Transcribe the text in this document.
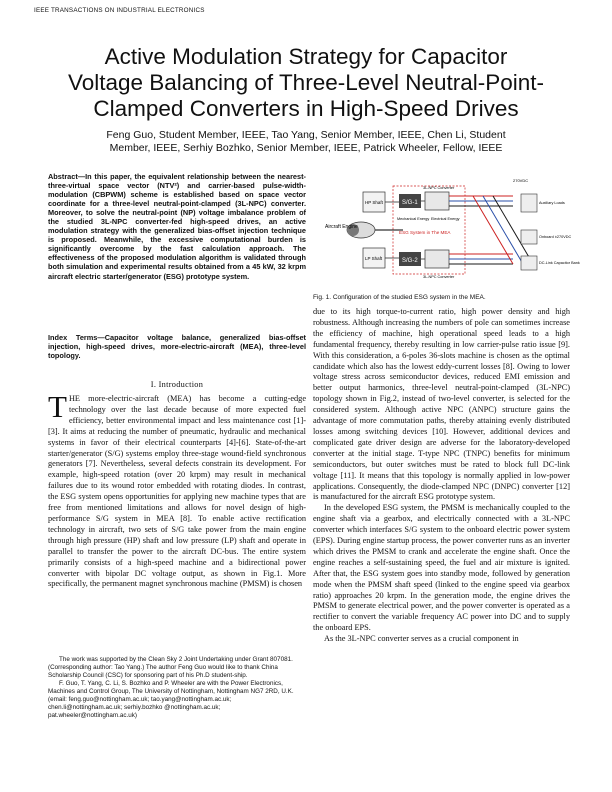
IEEE TRANSACTIONS ON INDUSTRIAL ELECTRONICS
Active Modulation Strategy for Capacitor
Voltage Balancing of Three-Level Neutral-Point-
Clamped Converters in High-Speed Drives
Feng Guo, Student Member, IEEE, Tao Yang, Senior Member, IEEE, Chen Li, Student
Member, IEEE, Serhiy Bozhko, Senior Member, IEEE, Patrick Wheeler, Fellow, IEEE
Abstract—In this paper, the equivalent relationship between the nearest-three-virtual space vector (NTV²) and carrier-based pulse-width-modulation (CBPWM) scheme is established based on space vector coordinate for a three-level neutral-point-clamped (3L-NPC) converter. Moreover, to solve the neutral-point (NP) voltage imbalance problem of the studied 3L-NPC converter-fed high-speed drives, an active modulation strategy with the generalized bias-offset injection technique is proposed. Meanwhile, the excessive computational burden is significantly overcome by the fast calculation approach. The effectiveness of the proposed modulation algorithm is validated through both simulation and experimental results obtained from a 45 kW, 32 krpm aircraft electric starter/generator (ESG) prototype system.
Index Terms—Capacitor voltage balance, generalized bias-offset injection, high-speed drives, more-electric-aircraft (MEA), three-level topology.
I. Introduction

THE more-electric-aircraft (MEA) has become a cutting-edge technology over the last decade because of more expected fuel efficiency, better environmental impact and less maintenance cost [1]-[3]. It aims at reducing the number of pneumatic, hydraulic and mechanical systems in favor of their electrical counterparts [4]-[6]. State-of-the-art starter/generator (S/G) systems employ three-stage wound-field synchronous generators [7]. Nevertheless, several defects constrain its development. For example, high-speed rotation (over 20 krpm) may result in mechanical failures due to its wound rotor embedded with rotating diodes. In contrast, the ESG system opens opportunities for applying new machine types that are free from mentioned limitations and allows for novel design of high-performance S/G system in MEA [8]. To enable active rectification technology in aircraft, two sets of S/G take power from the main engine through high pressure (HP) shaft and low pressure (LP) shaft and operate in parallel to transfer the power to the aircraft DC-bus. The entire system primarily consists of a high-speed machine and a bidirectional power converter with bipolar DC voltage output, as shown in Fig.1. More specifically, the permanent magnet synchronous machine (PMSM) is chosen

The work was supported by the Clean Sky 2 Joint Undertaking under Grant 807081. (Corresponding author: Tao Yang.) The author Feng Guo would like to thank China Scholarship Council (CSC) for sponsoring part of his Ph.D student-ship.

F. Guo, T. Yang, C. Li, S. Bozhko and P. Wheeler are with the Power Electronics, Machines and Control Group, The University of Nottingham, Nottingham NG7 2RD, U.K. (email: feng.guo@nottingham.ac.uk; tao.yang@nottingham.ac.uk; chen.li@nottingham.ac.uk; serhiy.bozhko @nottingham.ac.uk; pat.wheeler@nottingham.ac.uk)

Aircraft Engine
HP Shaft
LP Shaft
S/G-1
S/G-2
ESG System in The MEA
Mechanical Energy Electrical Energy
3L-NPC Converter
3L-NPC Converter
270VDC
Auxiliary Loads
Onboard ±270VDC
DC-Link Capacitor Bank
Fig. 1. Configuration of the studied ESG system in the MEA.

due to its high torque-to-current ratio, high power density and high robustness. Although increasing the numbers of pole can sometimes increase the efficiency of machine, high operational speed leads to a high fundamental frequency, thereby resulting in low carrier-pulse ratio issue [9]. With this consideration, a 6-poles 36-slots machine is chosen as the optimal candidate which also has the lowest eddy-current losses [8]. Owing to lower voltage stress across semiconductor devices, reduced EMI emission and better output harmonics, three-level neutral-point-clamped (3L-NPC) topology shown in Fig.2, instead of two-level converter, is selected for the considered system. Although active NPC (ANPC) structure gains the advantage of more commutation paths, thereby attaining evenly distributed losses among switching devices [10]. However, additional devices and complicated gate driver design are adverse for the laboratory-developed converter at the initial stage. T-type NPC (TNPC) benefits for minimum semiconductors, but outer switches must be rated to block full DC-link voltage [11]. It means that this topology is normally applied in low-power applications. Consequently, the diode-clamped NPC (DNPC) converter [12] is manufactured for the aircraft ESG prototype system.

In the developed ESG system, the PMSM is mechanically coupled to the engine shaft via a gearbox, and electrically connected with a 3L-NPC converter which interfaces S/G system to the onboard electric power system (EPS). During engine startup process, the power converter runs as an inverter which drives the PMSM to crank and accelerate the engine shaft. Once the engine reaches a self-sustaining speed, the fuel and air mixture is ignited. After that, the ESG system goes into standby mode, followed by generation mode when the PMSM shaft speed (linked to the engine speed via gearbox ratio) approaches 20 krpm. In the generation mode, the engine drives the PMSM to generate electrical power, and the power converter is operated as a rectifier to convert the variable frequency AC power into DC and to supply the onboard EPS.

As the 3L-NPC converter serves as a crucial component in
